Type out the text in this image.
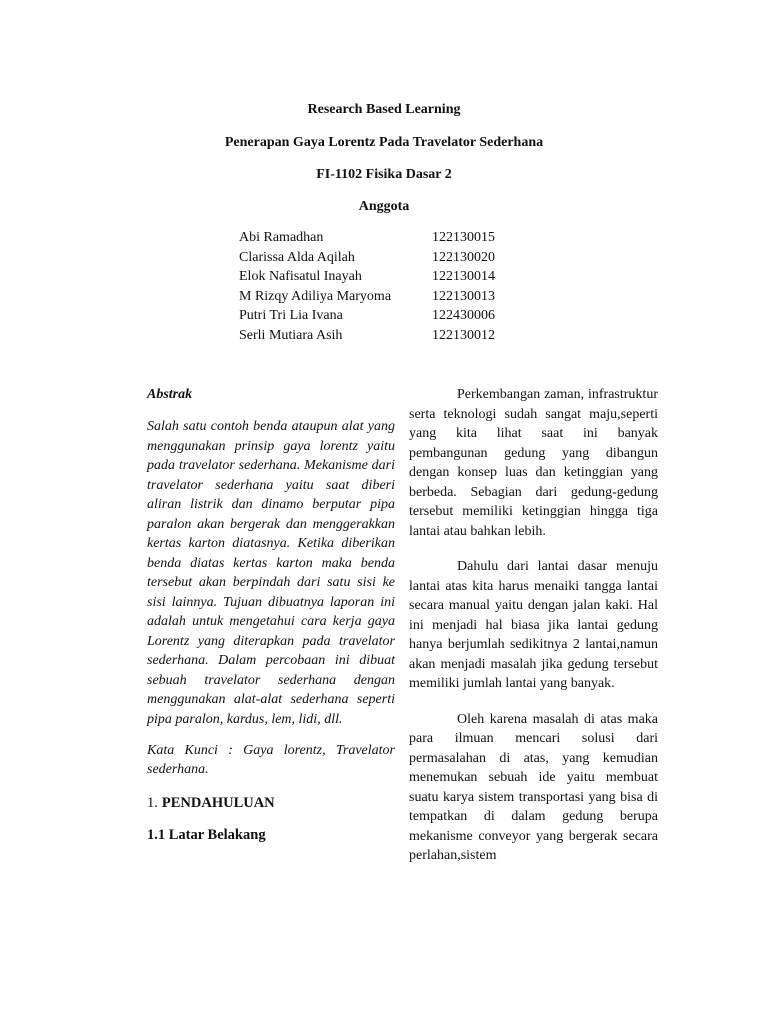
Research Based Learning
Penerapan Gaya Lorentz Pada Travelator Sederhana
FI-1102 Fisika Dasar 2
Anggota
Abi Ramadhan	122130015
Clarissa Alda Aqilah	122130020
Elok Nafisatul Inayah	122130014
M Rizqy Adiliya Maryoma	122130013
Putri Tri Lia Ivana	122430006
Serli Mutiara Asih	122130012

Abstrak

Salah satu contoh benda ataupun alat yang menggunakan prinsip gaya lorentz yaitu pada travelator sederhana. Mekanisme dari travelator sederhana yaitu saat diberi aliran listrik dan dinamo berputar pipa paralon akan bergerak dan menggerakkan kertas karton diatasnya. Ketika diberikan benda diatas kertas karton maka benda tersebut akan berpindah dari satu sisi ke sisi lainnya. Tujuan dibuatnya laporan ini adalah untuk mengetahui cara kerja gaya Lorentz yang diterapkan pada travelator sederhana. Dalam percobaan ini dibuat sebuah travelator sederhana dengan menggunakan alat-alat sederhana seperti pipa paralon, kardus, lem, lidi, dll.

Kata Kunci : Gaya lorentz, Travelator sederhana.

1. PENDAHULUAN

1.1 Latar Belakang

Perkembangan zaman, infrastruktur serta teknologi sudah sangat maju,seperti yang kita lihat saat ini banyak pembangunan gedung yang dibangun dengan konsep luas dan ketinggian yang berbeda. Sebagian dari gedung-gedung tersebut memiliki ketinggian hingga tiga lantai atau bahkan lebih.

Dahulu dari lantai dasar menuju lantai atas kita harus menaiki tangga lantai secara manual yaitu dengan jalan kaki. Hal ini menjadi hal biasa jika lantai gedung hanya berjumlah sedikitnya 2 lantai,namun akan menjadi masalah jika gedung tersebut memiliki jumlah lantai yang banyak.

Oleh karena masalah di atas maka para ilmuan mencari solusi dari permasalahan di atas, yang kemudian menemukan sebuah ide yaitu membuat suatu karya sistem transportasi yang bisa di tempatkan di dalam gedung berupa mekanisme conveyor yang bergerak secara perlahan,sistem
